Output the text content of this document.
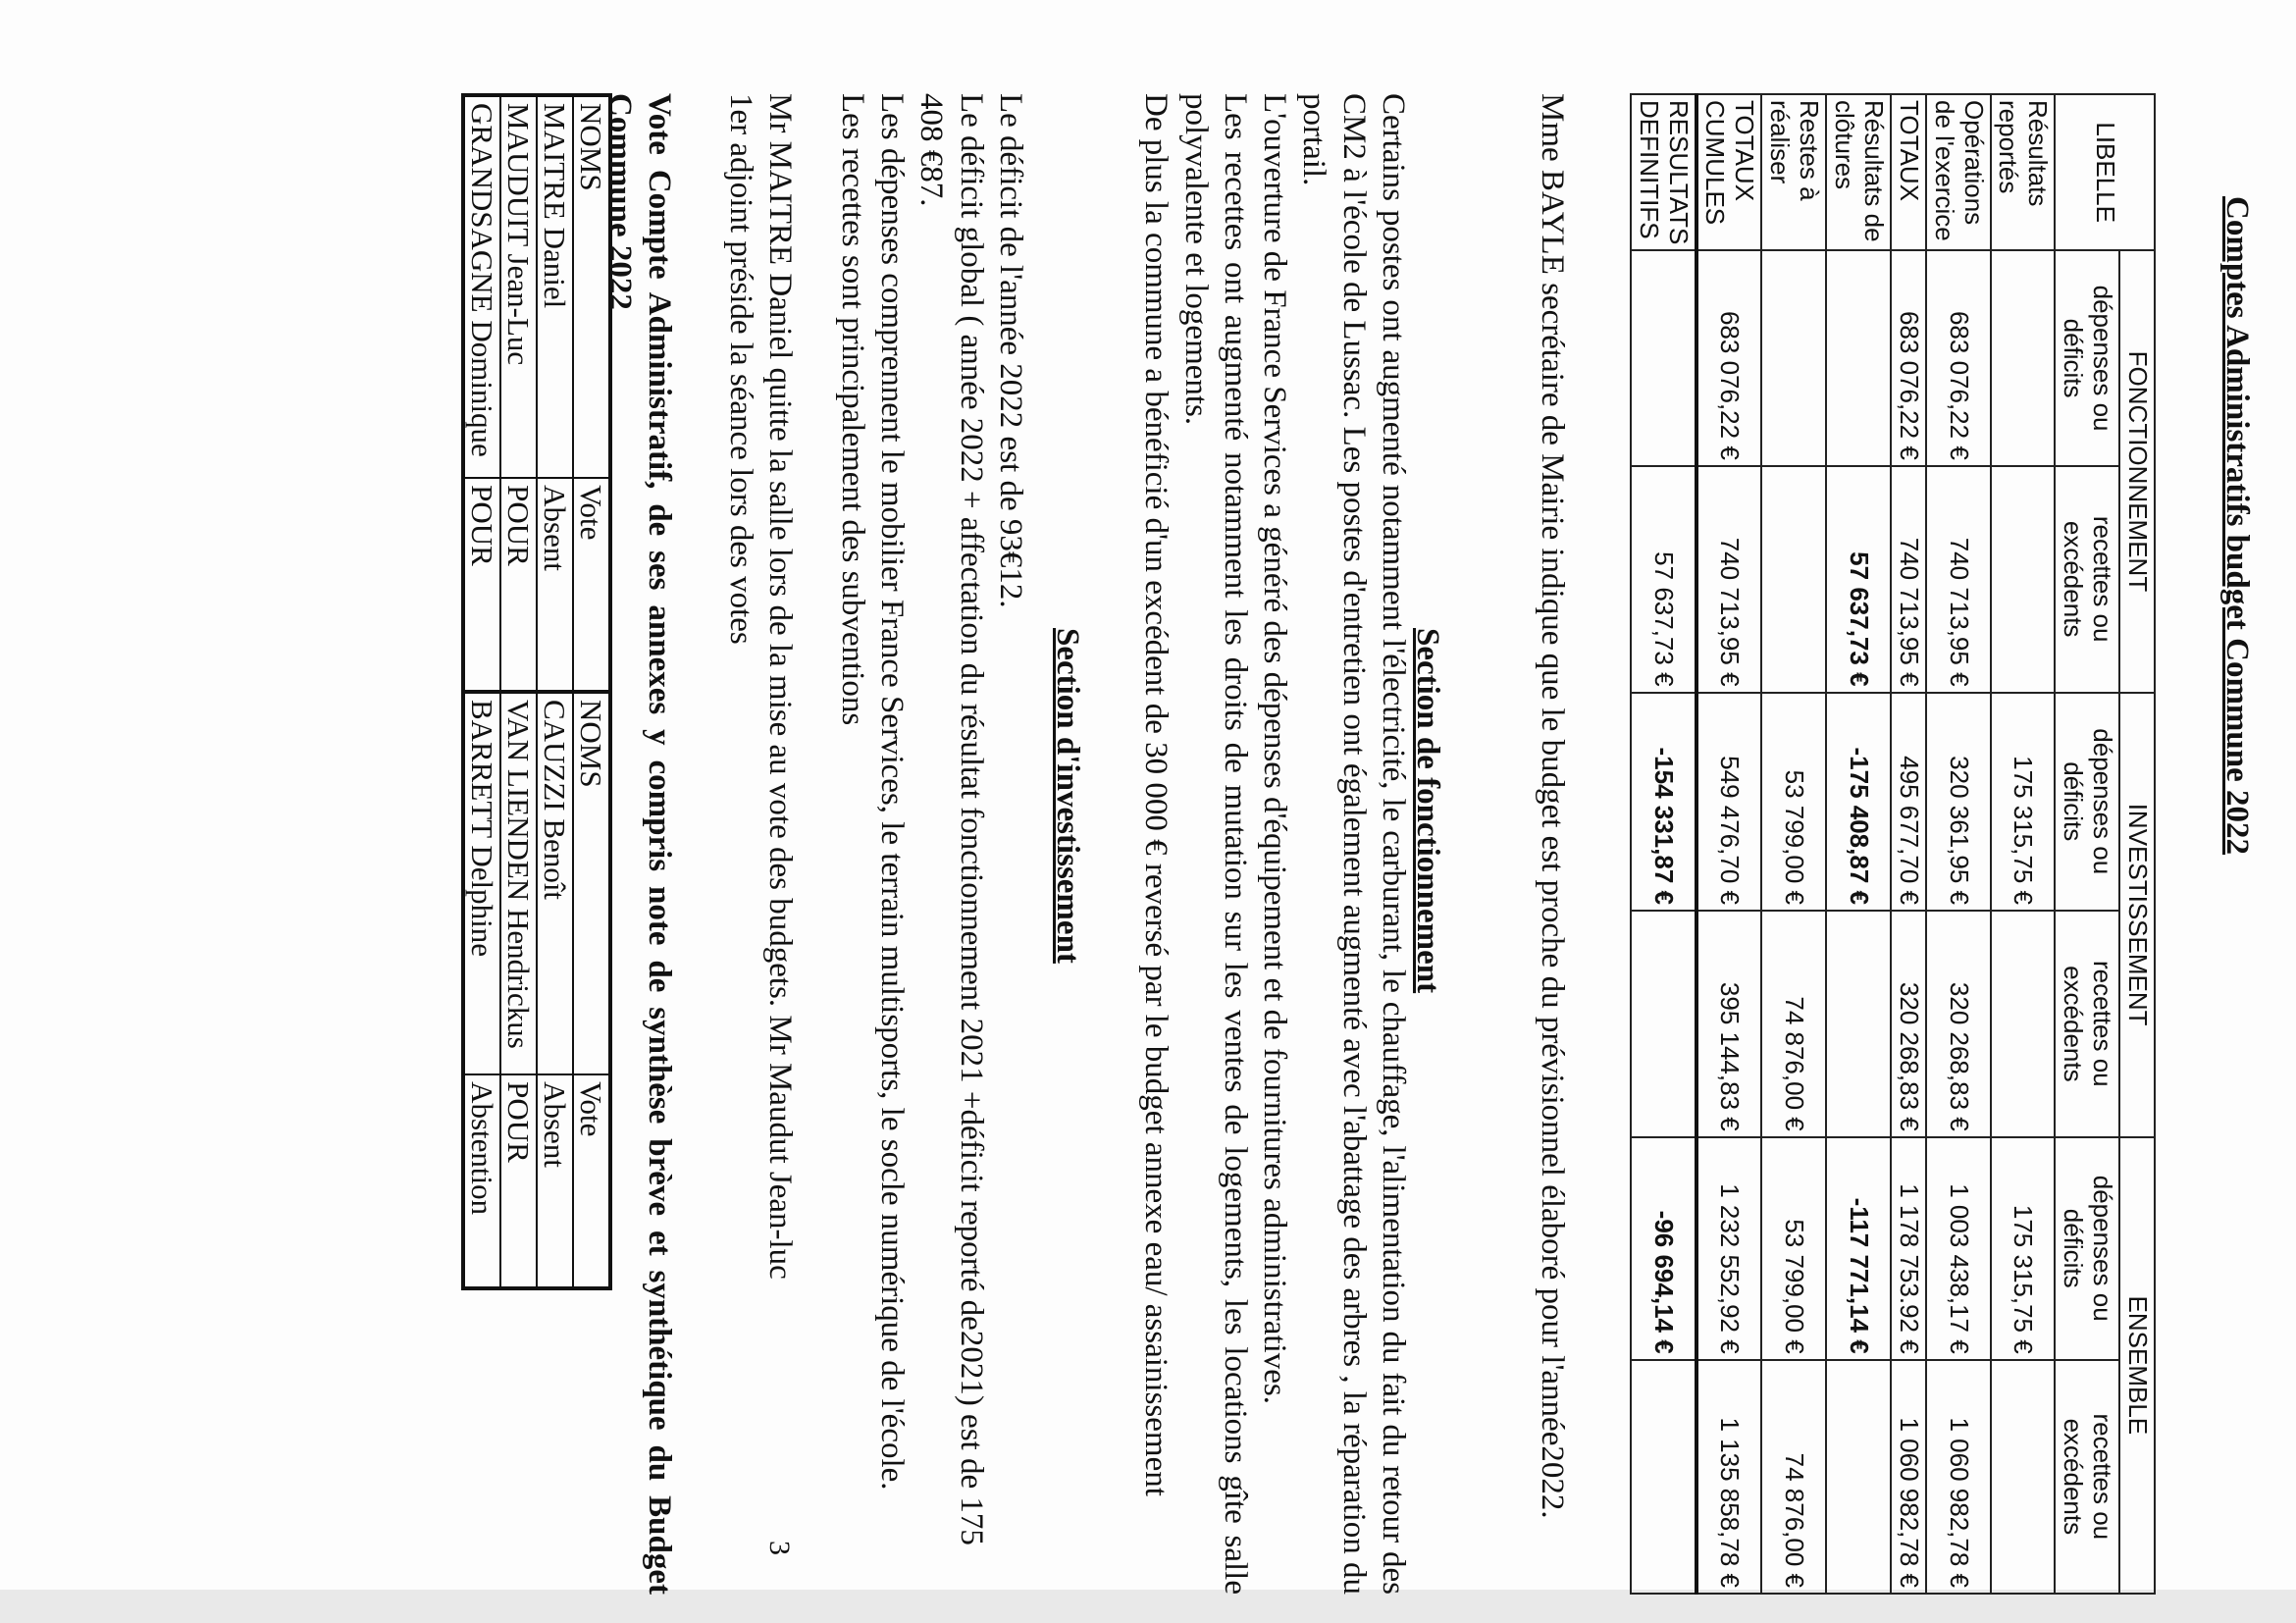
Comptes Administratifs budget Commune 2022
LIBELLE	FONCTIONNEMENT		INVESTISSEMENT		ENSEMBLE	
	dépenses ou déficits	recettes ou excédents	dépenses ou déficits	recettes ou excédents	dépenses ou déficits	recettes ou excédents
Résultats reportés			175 315,75 €		175 315,75 €	
Opérations de l'exercice	683 076,22 €	740 713,95 €	320 361,95 €	320 268,83 €	1 003 438,17 €	1 060 982,78 €
TOTAUX	683 076,22 €	740 713,95 €	495 677,70 €	320 268,83 €	1 178 753.92 €	1 060 982,78 €
Résultats de clôtures		57 637,73 €	-175 408,87 €		-117 771,14 €	
Restes à réaliser			53 799,00 €	74 876,00 €	53 799,00 €	74 876,00 €
TOTAUX CUMULES	683 076,22 €	740 713,95 €	549 476,70 €	395 144,83 €	1 232 552,92 €	1 135 858,78 €
RESULTATS DEFINITIFS		57 637,73 €	-154 331,87 €		-96 694,14 €	

Mme BAYLE secrétaire de Mairie indique que le budget est proche du prévisionnel élaboré pour l'année2022.

Section de fonctionnement

Certains postes ont augmenté notamment l'électricité, le carburant, le chauffage, l'alimentation du fait du retour des CM2 à l'école de Lussac. Les postes d'entretien ont également augmenté avec l'abattage des arbres , la réparation du portail.

L'ouverture de France Services a généré des dépenses d'équipement et de fournitures administratives.

Les recettes ont augmenté notamment les droits de mutation sur les ventes de logements, les locations gîte salle polyvalente et logements.

De plus la commune a bénéficié d'un excédent de 30 000 € reversé par le budget annexe eau/ assainissement

Section d'investissement

Le déficit de l'année 2022 est de 93€12.

Le déficit global ( année 2022 + affectation du résultat fonctionnement 2021 +déficit reporté de2021) est de 175 408 €87.

Les dépenses comprennent le mobilier France Services, le terrain multisports, le socle numérique de l'école.

Les recettes sont principalement des subventions

Mr MAITRE Daniel quitte la salle lors de la mise au vote des budgets. Mr Maudut Jean-luc

1er adjoint préside la séance lors des votes

Vote Compte Administratif, de ses annexes y compris note de synthèse brève et synthétique du Budget Commune 2022

NOMS	Vote	NOMS	Vote
MAITRE Daniel	Absent	CAUZZI Benoît	Absent
MAUDUIT Jean-Luc	POUR	VAN LIENDEN Hendrickus	POUR
GRANDSAGNE Dominique	POUR	BARRETT Delphine	Abstention
3
